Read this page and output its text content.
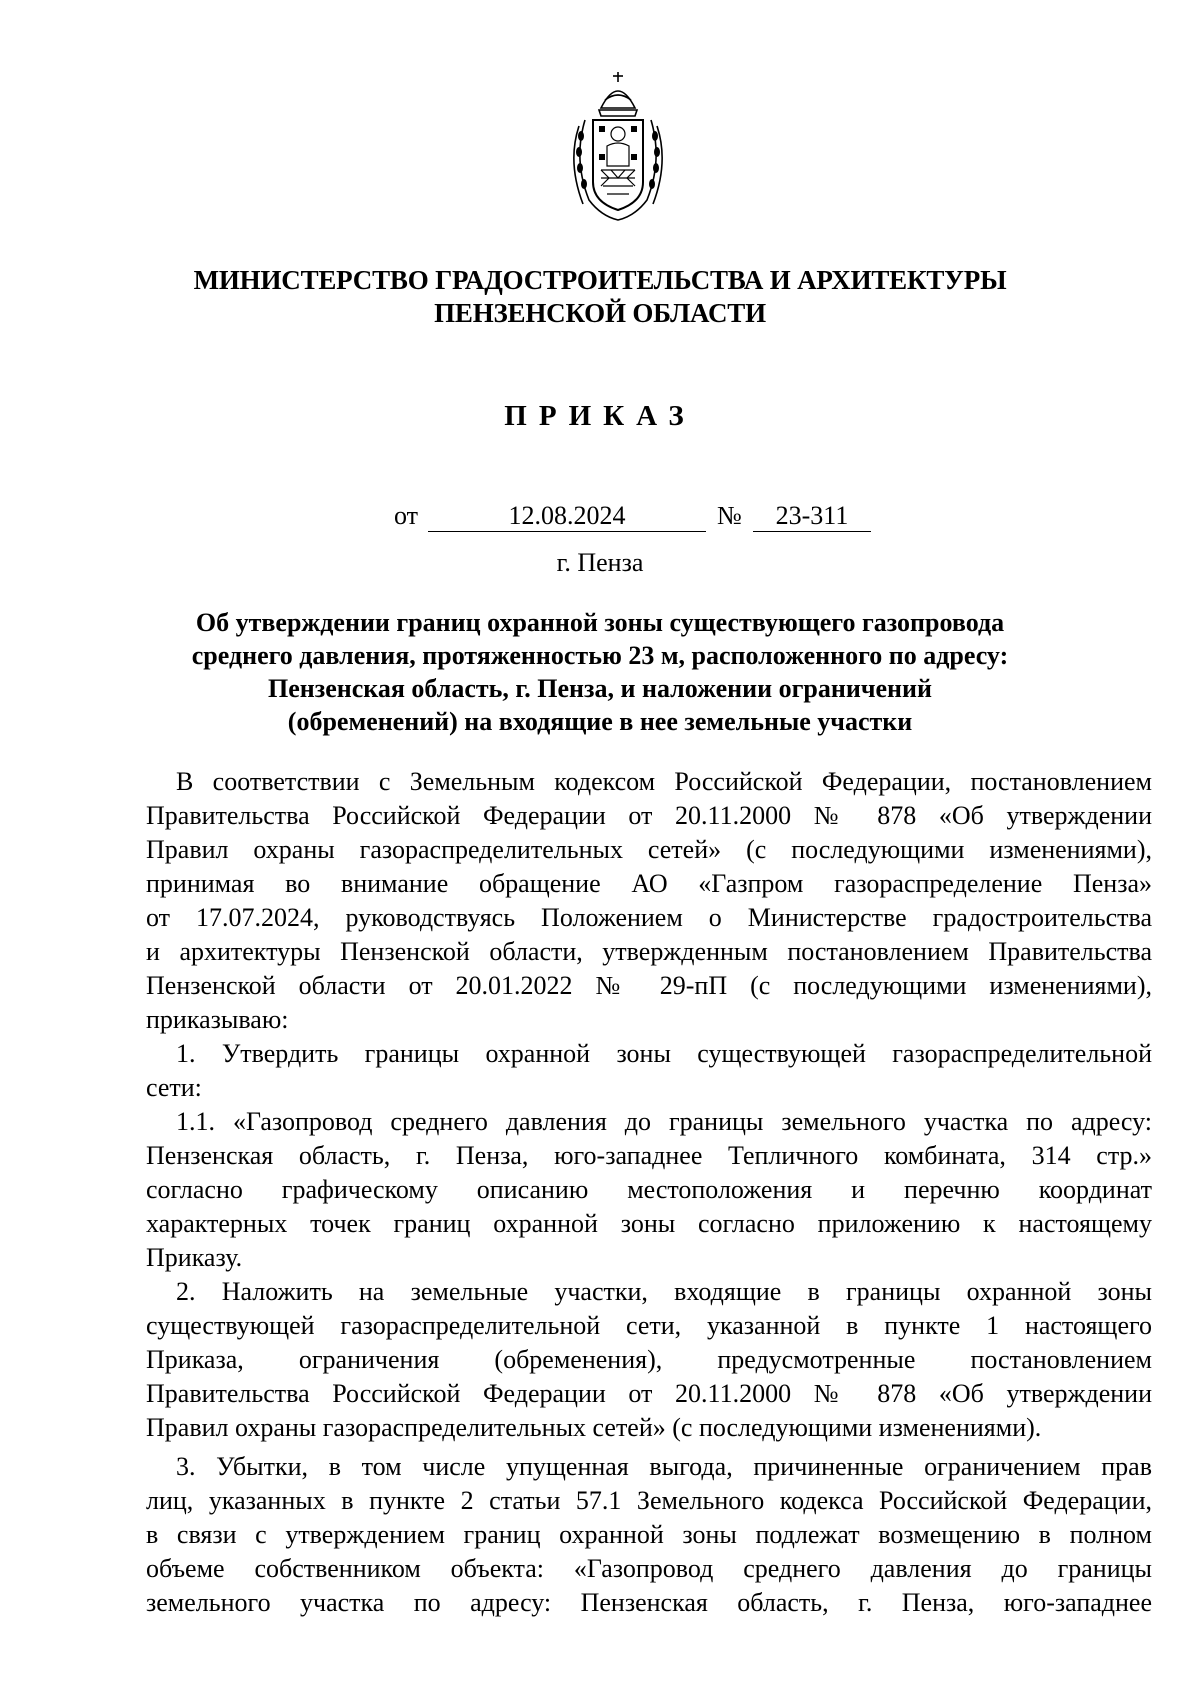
МИНИСТЕРСТВО ГРАДОСТРОИТЕЛЬСТВА И АРХИТЕКТУРЫ
ПЕНЗЕНСКОЙ ОБЛАСТИ
ПРИКАЗ
от	12.08.2024	№	23-311
г. Пенза
Об утверждении границ охранной зоны существующего газопровода
среднего давления, протяженностью 23 м, расположенного по адресу:
Пензенская область, г. Пенза, и наложении ограничений
(обременений) на входящие в нее земельные участки
В соответствии с Земельным кодексом Российской Федерации, постановлением
Правительства Российской Федерации от 20.11.2000 № 878 «Об утверждении
Правил охраны газораспределительных сетей» (с последующими изменениями),
принимая во внимание обращение АО «Газпром газораспределение Пенза»
от 17.07.2024, руководствуясь Положением о Министерстве градостроительства
и архитектуры Пензенской области, утвержденным постановлением Правительства
Пензенской области от 20.01.2022 № 29-пП (с последующими изменениями),
приказываю:
1. Утвердить границы охранной зоны существующей газораспределительной
сети:
1.1. «Газопровод среднего давления до границы земельного участка по адресу:
Пензенская область, г. Пенза, юго-западнее Тепличного комбината, 314 стр.»
согласно графическому описанию местоположения и перечню координат
характерных точек границ охранной зоны согласно приложению к настоящему
Приказу.
2. Наложить на земельные участки, входящие в границы охранной зоны
существующей газораспределительной сети, указанной в пункте 1 настоящего
Приказа, ограничения (обременения), предусмотренные постановлением
Правительства Российской Федерации от 20.11.2000 № 878 «Об утверждении
Правил охраны газораспределительных сетей» (с последующими изменениями).
3. Убытки, в том числе упущенная выгода, причиненные ограничением прав
лиц, указанных в пункте 2 статьи 57.1 Земельного кодекса Российской Федерации,
в связи с утверждением границ охранной зоны подлежат возмещению в полном
объеме собственником объекта: «Газопровод среднего давления до границы
земельного участка по адресу: Пензенская область, г. Пенза, юго-западнее
